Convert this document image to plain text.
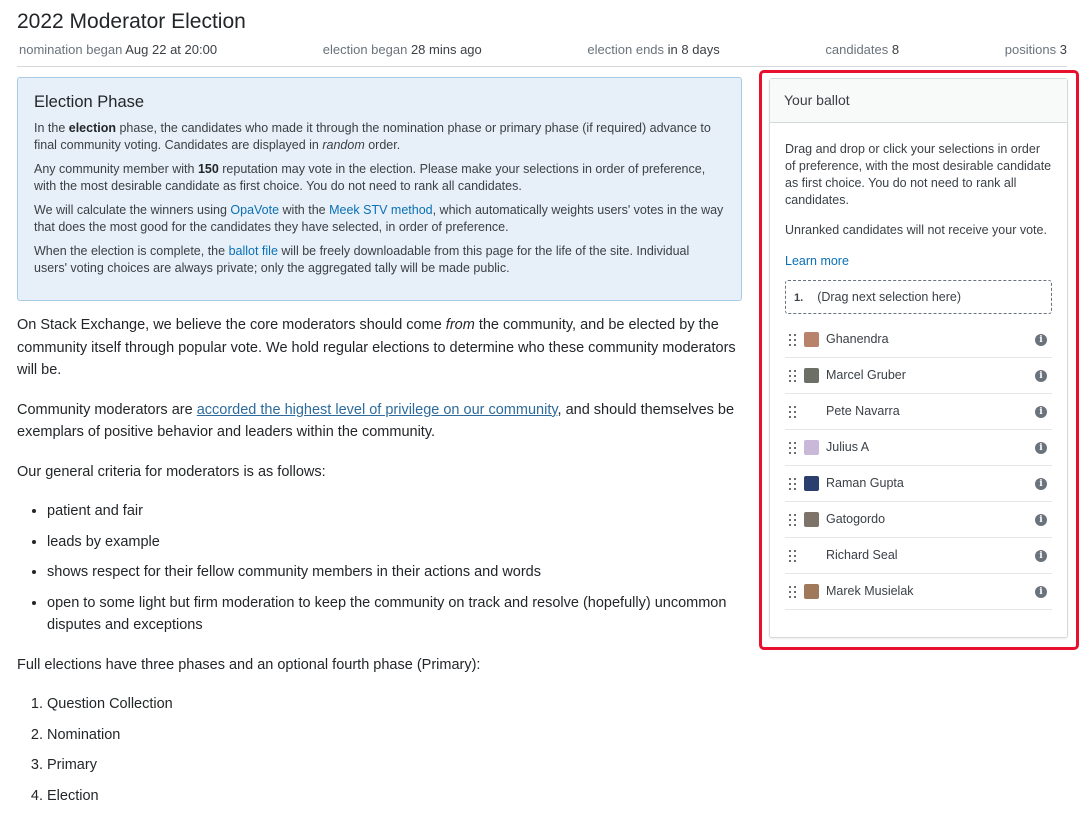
2022 Moderator Election
nomination began Aug 22 at 20:00	election began 28 mins ago	election ends in 8 days	candidates 8	positions 3
Election Phase

In the election phase, the candidates who made it through the nomination phase or primary phase (if required) advance to final community voting. Candidates are displayed in random order.

Any community member with 150 reputation may vote in the election. Please make your selections in order of preference, with the most desirable candidate as first choice. You do not need to rank all candidates.

We will calculate the winners using OpaVote with the Meek STV method, which automatically weights users' votes in the way that does the most good for the candidates they have selected, in order of preference.

When the election is complete, the ballot file will be freely downloadable from this page for the life of the site. Individual users' voting choices are always private; only the aggregated tally will be made public.

On Stack Exchange, we believe the core moderators should come from the community, and be elected by the community itself through popular vote. We hold regular elections to determine who these community moderators will be.

Community moderators are accorded the highest level of privilege on our community, and should themselves be exemplars of positive behavior and leaders within the community.

Our general criteria for moderators is as follows:

• patient and fair
• leads by example
• shows respect for their fellow community members in their actions and words
• open to some light but firm moderation to keep the community on track and resolve (hopefully) uncommon disputes and exceptions

Full elections have three phases and an optional fourth phase (Primary):

1. Question Collection
2. Nomination
3. Primary
4. Election
Your ballot

Drag and drop or click your selections in order of preference, with the most desirable candidate as first choice. You do not need to rank all candidates.

Unranked candidates will not receive your vote.

Learn more
1. (Drag next selection here)
Ghanendra	i
Marcel Gruber	i
Pete Navarra	i
Julius A	i
Raman Gupta	i
Gatogordo	i
Richard Seal	i
Marek Musielak	i
